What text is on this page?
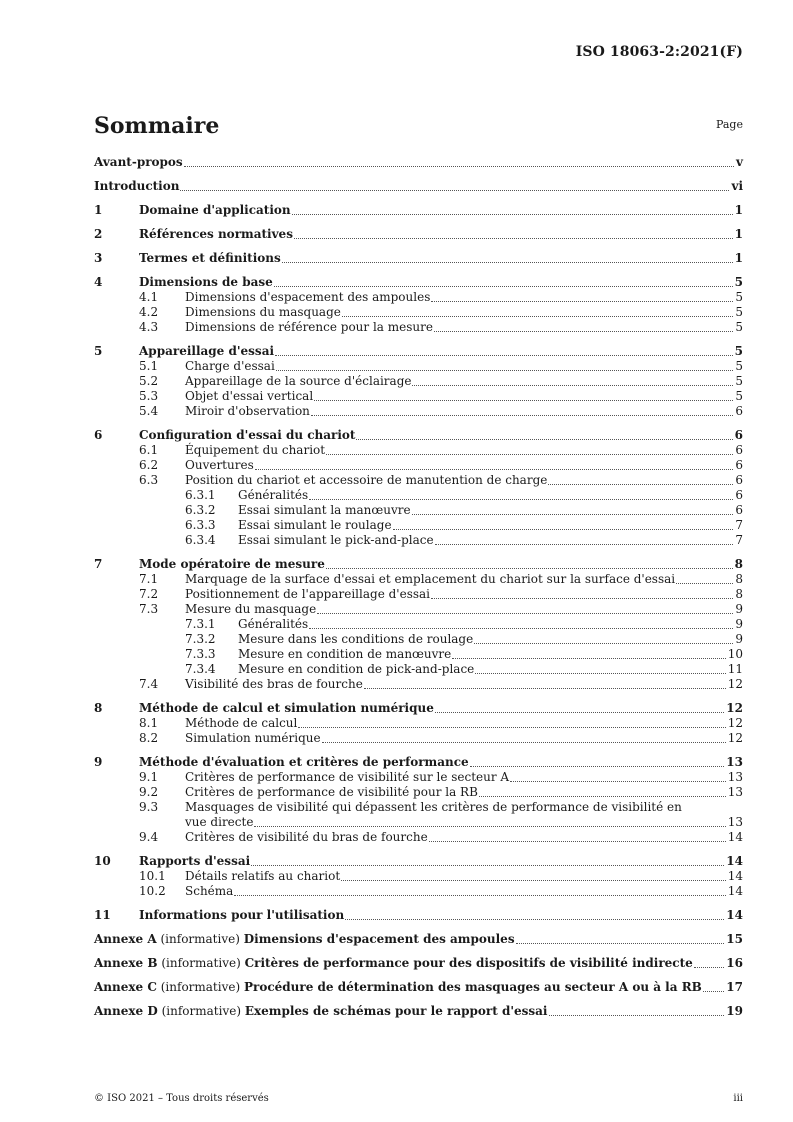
ISO 18063-2:2021(F)
Sommaire	Page
Avant-propos	v
Introduction	vi
1	Domaine d'application	1
2	Références normatives	1
3	Termes et définitions	1
4	Dimensions de base	5
4.1 Dimensions d'espacement des ampoules	5
4.2 Dimensions du masquage	5
4.3 Dimensions de référence pour la mesure	5
5	Appareillage d'essai	5
5.1 Charge d'essai	5
5.2 Appareillage de la source d'éclairage	5
5.3 Objet d'essai vertical	5
5.4 Miroir d'observation	6
6	Configuration d'essai du chariot	6
6.1 Équipement du chariot	6
6.2 Ouvertures	6
6.3 Position du chariot et accessoire de manutention de charge	6
6.3.1 Généralités	6
6.3.2 Essai simulant la manœuvre	6
6.3.3 Essai simulant le roulage	7
6.3.4 Essai simulant le pick-and-place	7
7	Mode opératoire de mesure	8
7.1 Marquage de la surface d'essai et emplacement du chariot sur la surface d'essai	8
7.2 Positionnement de l'appareillage d'essai	8
7.3 Mesure du masquage	9
7.3.1 Généralités	9
7.3.2 Mesure dans les conditions de roulage	9
7.3.3 Mesure en condition de manœuvre	10
7.3.4 Mesure en condition de pick-and-place	11
7.4 Visibilité des bras de fourche	12
8	Méthode de calcul et simulation numérique	12
8.1 Méthode de calcul	12
8.2 Simulation numérique	12
9	Méthode d'évaluation et critères de performance	13
9.1 Critères de performance de visibilité sur le secteur A	13
9.2 Critères de performance de visibilité pour la RB	13
9.3 Masquages de visibilité qui dépassent les critères de performance de visibilité en
vue directe	13
9.4 Critères de visibilité du bras de fourche	14
10 Rapports d'essai	14
10.1 Détails relatifs au chariot	14
10.2 Schéma	14
11 Informations pour l'utilisation	14
Annexe A (informative) Dimensions d'espacement des ampoules	15
Annexe B (informative) Critères de performance pour des dispositifs de visibilité indirecte	16
Annexe C (informative) Procédure de détermination des masquages au secteur A ou à la RB 17
Annexe D (informative) Exemples de schémas pour le rapport d'essai	19
© ISO 2021 – Tous droits réservés	iii
